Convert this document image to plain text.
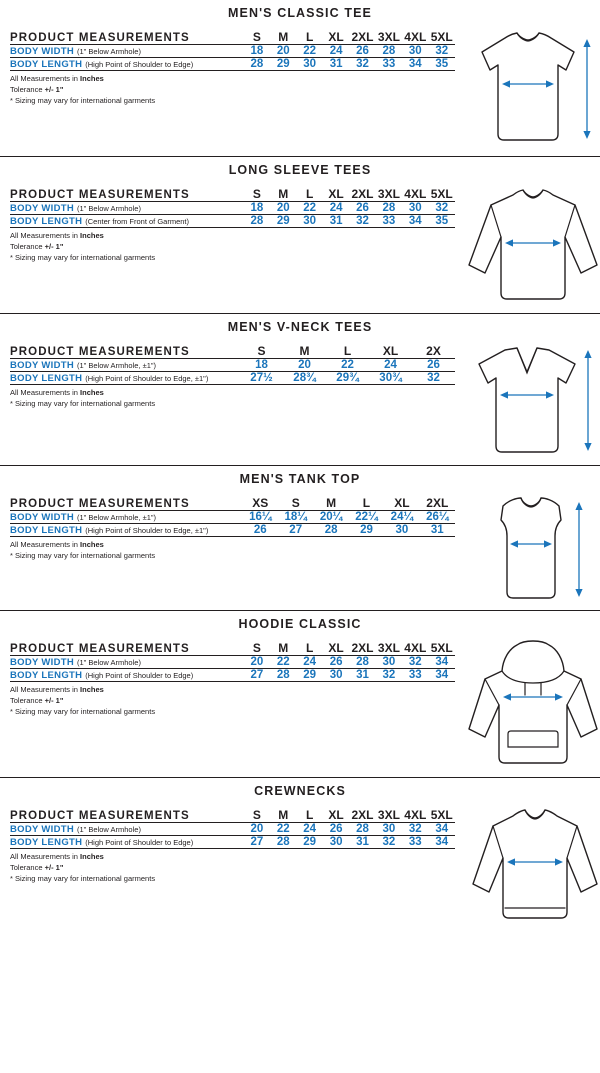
MEN'S CLASSIC TEE
PRODUCT MEASUREMENTS	S	M	L	XL	2XL	3XL	4XL	5XL
BODY WIDTH (1" Below Armhole)	18	20	22	24	26	28	30	32
BODY LENGTH (High Point of Shoulder to Edge)	28	29	30	31	32	33	34	35
All Measurements in Inches
Tolerance +/- 1"
* Sizing may vary for international garments
LONG SLEEVE TEES
PRODUCT MEASUREMENTS	S	M	L	XL	2XL	3XL	4XL	5XL
BODY WIDTH (1" Below Armhole)	18	20	22	24	26	28	30	32
BODY LENGTH (Center from Front of Garment)	28	29	30	31	32	33	34	35
All Measurements in Inches
Tolerance +/- 1"
* Sizing may vary for international garments
MEN'S V-NECK TEES
PRODUCT MEASUREMENTS	S	M	L	XL	2X
BODY WIDTH (1" Below Armhole, ±1")	18	20	22	24	26
BODY LENGTH (High Point of Shoulder to Edge, ±1")	27½	28¾	29¾	30¾	32
All Measurements in Inches
* Sizing may vary for international garments
MEN'S TANK TOP
PRODUCT MEASUREMENTS	XS	S	M	L	XL	2XL
BODY WIDTH (1" Below Armhole, ±1")	16¼	18¼	20¼	22¼	24¼	26¼
BODY LENGTH (High Point of Shoulder to Edge, ±1")	26	27	28	29	30	31
All Measurements in Inches
* Sizing may vary for international garments
HOODIE CLASSIC
PRODUCT MEASUREMENTS	S	M	L	XL	2XL	3XL	4XL	5XL
BODY WIDTH (1" Below Armhole)	20	22	24	26	28	30	32	34
BODY LENGTH (High Point of Shoulder to Edge)	27	28	29	30	31	32	33	34
All Measurements in Inches
Tolerance +/- 1"
* Sizing may vary for international garments
CREWNECKS
PRODUCT MEASUREMENTS	S	M	L	XL	2XL	3XL	4XL	5XL
BODY WIDTH (1" Below Armhole)	20	22	24	26	28	30	32	34
BODY LENGTH (High Point of Shoulder to Edge)	27	28	29	30	31	32	33	34
All Measurements in Inches
Tolerance +/- 1"
* Sizing may vary for international garments
